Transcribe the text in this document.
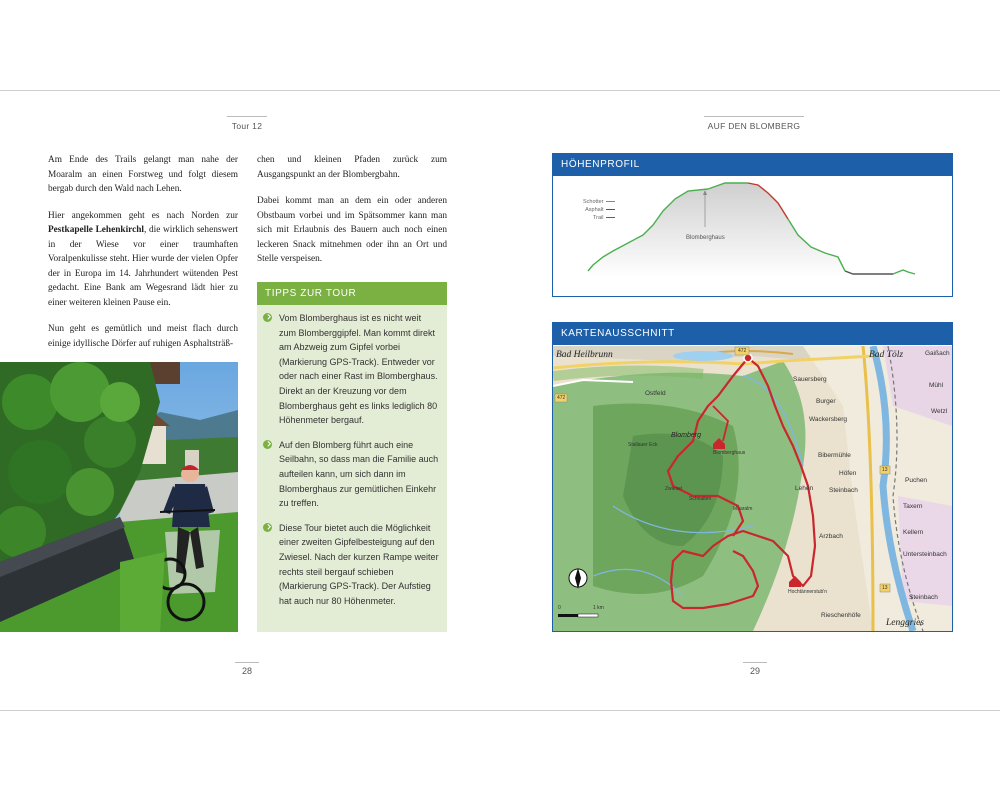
Tour 12

Am Ende des Trails gelangt man nahe der Moaralm an einen Forstweg und folgt diesem bergab durch den Wald nach Lehen.

Hier angekommen geht es nach Norden zur Pestkapelle Lehenkirchl, die wirklich sehenswert in der Wiese vor einer traumhaften Voralpenkulisse steht. Hier wurde der vielen Opfer der in Europa im 14. Jahrhundert wütenden Pest gedacht. Eine Bank am Wegesrand lädt hier zu einer weiteren kleinen Pause ein.

Nun geht es gemütlich und meist flach durch einige idyllische Dörfer auf ruhigen Asphaltsträß-

chen und kleinen Pfaden zurück zum Ausgangspunkt an der Blombergbahn.

Dabei kommt man an dem ein oder anderen Obstbaum vorbei und im Spätsommer kann man sich mit Erlaubnis des Bauern auch noch einen leckeren Snack mitnehmen oder ihn an Ort und Stelle verspeisen.

TIPPS ZUR TOUR
Vom Blomberghaus ist es nicht weit zum Blomberggipfel. Man kommt direkt am Abzweig zum Gipfel vorbei (Markierung GPS-Track). Entweder vor oder nach einer Rast im Blomberghaus. Direkt an der Kreuzung vor dem Blomberghaus geht es links lediglich 80 Höhenmeter bergauf.
Auf den Blomberg führt auch eine Seilbahn, so dass man die Familie auch aufteilen kann, um sich dann im Blomberghaus zur gemütlichen Einkehr zu treffen.
Diese Tour bietet auch die Möglichkeit einer zweiten Gipfelbesteigung auf den Zwiesel. Nach der kurzen Rampe weiter rechts steil bergauf schieben (Markierung GPS-Track). Der Aufstieg hat auch nur 80 Höhenmeter.
28
AUF DEN BLOMBERG
HÖHENPROFIL
Schotter
Asphalt
Trail
Blomberghaus
KARTENAUSSCHNITT
Bad Heilbrunn	Bad Tölz
Lenggries
Gaißach
Mühl
Wetzl
Ostfeld
Sauersberg
Burger
Wackersberg
Bibermühle
Höfen
Steinbach
Lehen
Puchen
Taxern
Kellern
Untersteinbach
Steinbach
Arzbach
Rieschenhöfe
Blomberg
Blomberghaus
Hochtännerstub'n
Zwiesel
Schnaiten
Moaralm
Stallauer Eck
472
472
13
13
0	1 km
29
